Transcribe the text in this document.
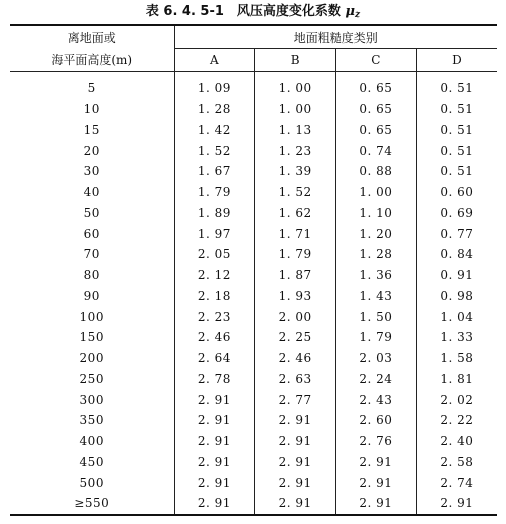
表 6. 4. 5-1　风压高度变化系数 $\mu_z$
离地面或	地面粗糙度类别			
海平面高度(m)	A	B	C	D
5	1. 09	1. 00	0. 65	0. 51
10	1. 28	1. 00	0. 65	0. 51
15	1. 42	1. 13	0. 65	0. 51
20	1. 52	1. 23	0. 74	0. 51
30	1. 67	1. 39	0. 88	0. 51
40	1. 79	1. 52	1. 00	0. 60
50	1. 89	1. 62	1. 10	0. 69
60	1. 97	1. 71	1. 20	0. 77
70	2. 05	1. 79	1. 28	0. 84
80	2. 12	1. 87	1. 36	0. 91
90	2. 18	1. 93	1. 43	0. 98
100	2. 23	2. 00	1. 50	1. 04
150	2. 46	2. 25	1. 79	1. 33
200	2. 64	2. 46	2. 03	1. 58
250	2. 78	2. 63	2. 24	1. 81
300	2. 91	2. 77	2. 43	2. 02
350	2. 91	2. 91	2. 60	2. 22
400	2. 91	2. 91	2. 76	2. 40
450	2. 91	2. 91	2. 91	2. 58
500	2. 91	2. 91	2. 91	2. 74
≥550	2. 91	2. 91	2. 91	2. 91
